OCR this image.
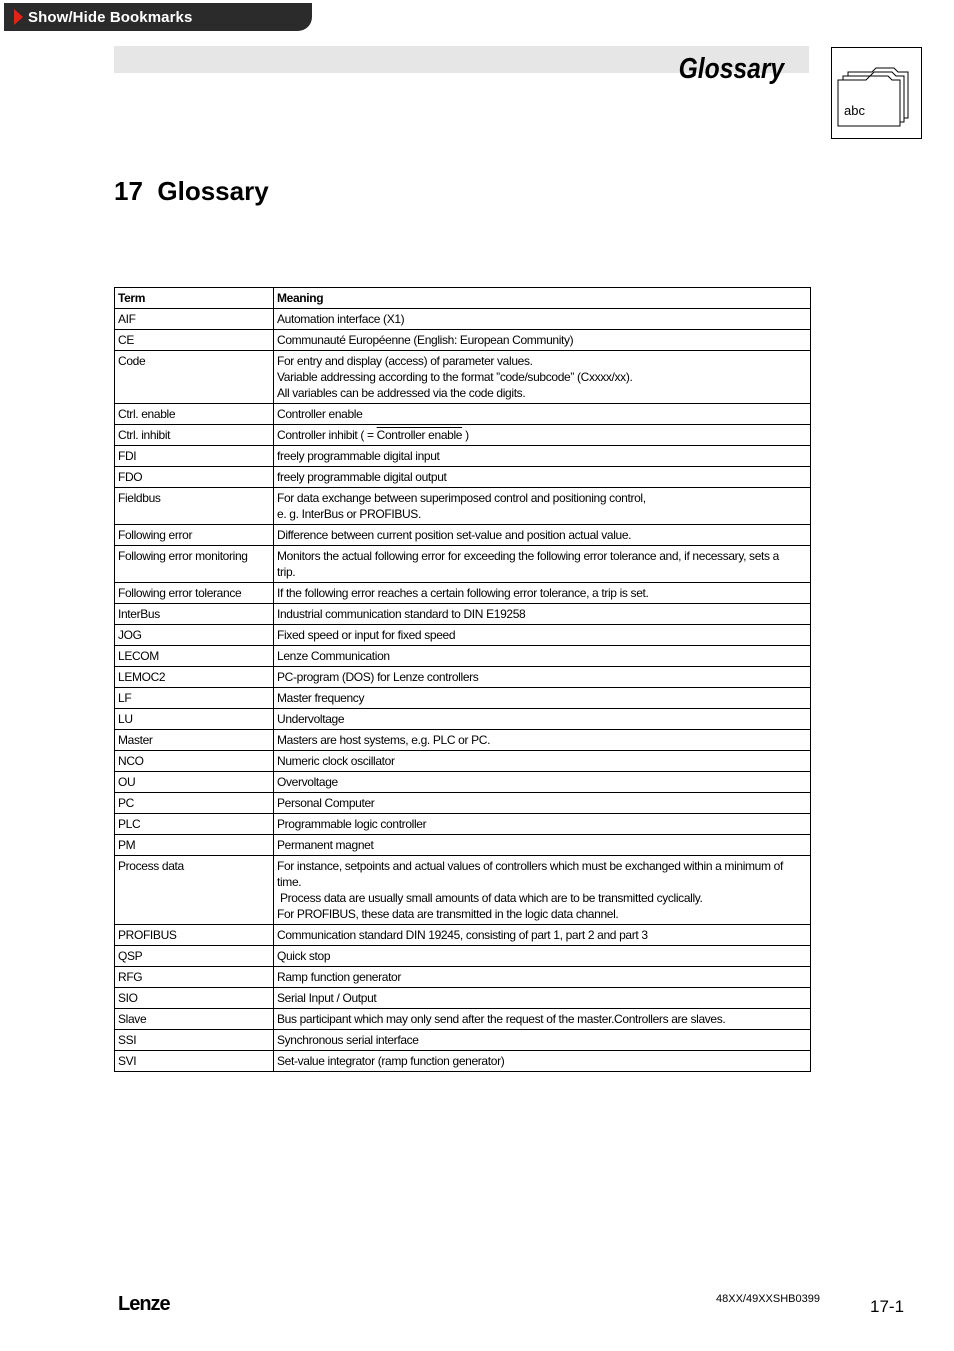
Show/Hide Bookmarks
Glossary
abc
17  Glossary
Term	Meaning
AIF	Automation interface (X1)

CE	Communauté Européenne (English: European Community)

Code	For entry and display (access) of parameter values.
Variable addressing according to the format ”code/subcode” (Cxxxx/xx).
All variables can be addressed via the code digits.

Ctrl. enable	Controller enable

Ctrl. inhibit	Controller inhibit ( = Controller enable )

FDI	freely programmable digital input

FDO	freely programmable digital output

Fieldbus	For data exchange between superimposed control and positioning control,
e. g. InterBus or PROFIBUS.

Following error	Difference between current position set-value and position actual value.

Following error monitoring	Monitors the actual following error for exceeding the following error tolerance and, if necessary, sets a
trip.

Following error tolerance	If the following error reaches a certain following error tolerance, a trip is set.

InterBus	Industrial communication standard to DIN E19258

JOG	Fixed speed or input for fixed speed

LECOM	Lenze Communication

LEMOC2	PC-program (DOS) for Lenze controllers

LF	Master frequency

LU	Undervoltage

Master	Masters are host systems, e.g. PLC or PC.

NCO	Numeric clock oscillator

OU	Overvoltage

PC	Personal Computer

PLC	Programmable logic controller

PM	Permanent magnet

Process data	For instance, setpoints and actual values of controllers which must be exchanged within a minimum of
time.
Process data are usually small amounts of data which are to be transmitted cyclically.
For PROFIBUS, these data are transmitted in the logic data channel.

PROFIBUS	Communication standard DIN 19245, consisting of part 1, part 2 and part 3

QSP	Quick stop

RFG	Ramp function generator

SIO	Serial Input / Output

Slave	Bus participant which may only send after the request of the master.Controllers are slaves.

SSI	Synchronous serial interface

SVI	Set-value integrator (ramp function generator)
Lenze	48XX/49XXSHB0399	17-1
